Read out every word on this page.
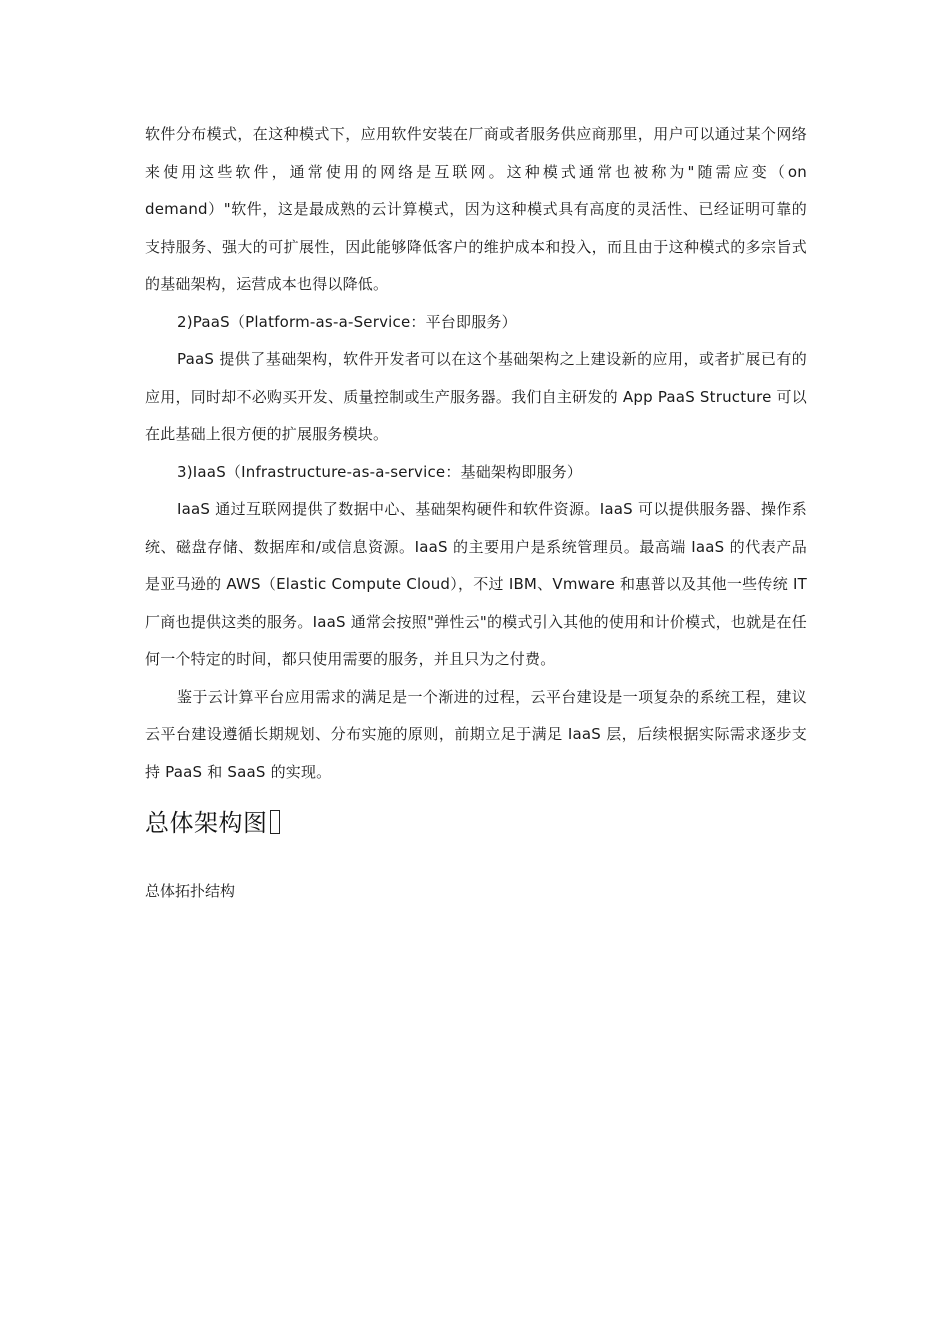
软件分布模式，在这种模式下，应用软件安装在厂商或者服务供应商那里，用户可以通过某个网络来使用这些软件，通常使用的网络是互联网。这种模式通常也被称为"随需应变（on demand）"软件，这是最成熟的云计算模式，因为这种模式具有高度的灵活性、已经证明可靠的支持服务、强大的可扩展性，因此能够降低客户的维护成本和投入，而且由于这种模式的多宗旨式的基础架构，运营成本也得以降低。

2)PaaS（Platform-as-a-Service：平台即服务）

PaaS 提供了基础架构，软件开发者可以在这个基础架构之上建设新的应用，或者扩展已有的应用，同时却不必购买开发、质量控制或生产服务器。我们自主研发的 App PaaS Structure 可以在此基础上很方便的扩展服务模块。

3)IaaS（Infrastructure-as-a-service：基础架构即服务）

IaaS 通过互联网提供了数据中心、基础架构硬件和软件资源。IaaS 可以提供服务器、操作系统、磁盘存储、数据库和/或信息资源。IaaS 的主要用户是系统管理员。最高端 IaaS 的代表产品是亚马逊的 AWS（Elastic Compute Cloud），不过 IBM、Vmware 和惠普以及其他一些传统 IT 厂商也提供这类的服务。IaaS 通常会按照"弹性云"的模式引入其他的使用和计价模式，也就是在任何一个特定的时间，都只使用需要的服务，并且只为之付费。

鉴于云计算平台应用需求的满足是一个渐进的过程，云平台建设是一项复杂的系统工程，建议云平台建设遵循长期规划、分布实施的原则，前期立足于满足 IaaS 层，后续根据实际需求逐步支持 PaaS 和 SaaS 的实现。

总体架构图

总体拓扑结构
